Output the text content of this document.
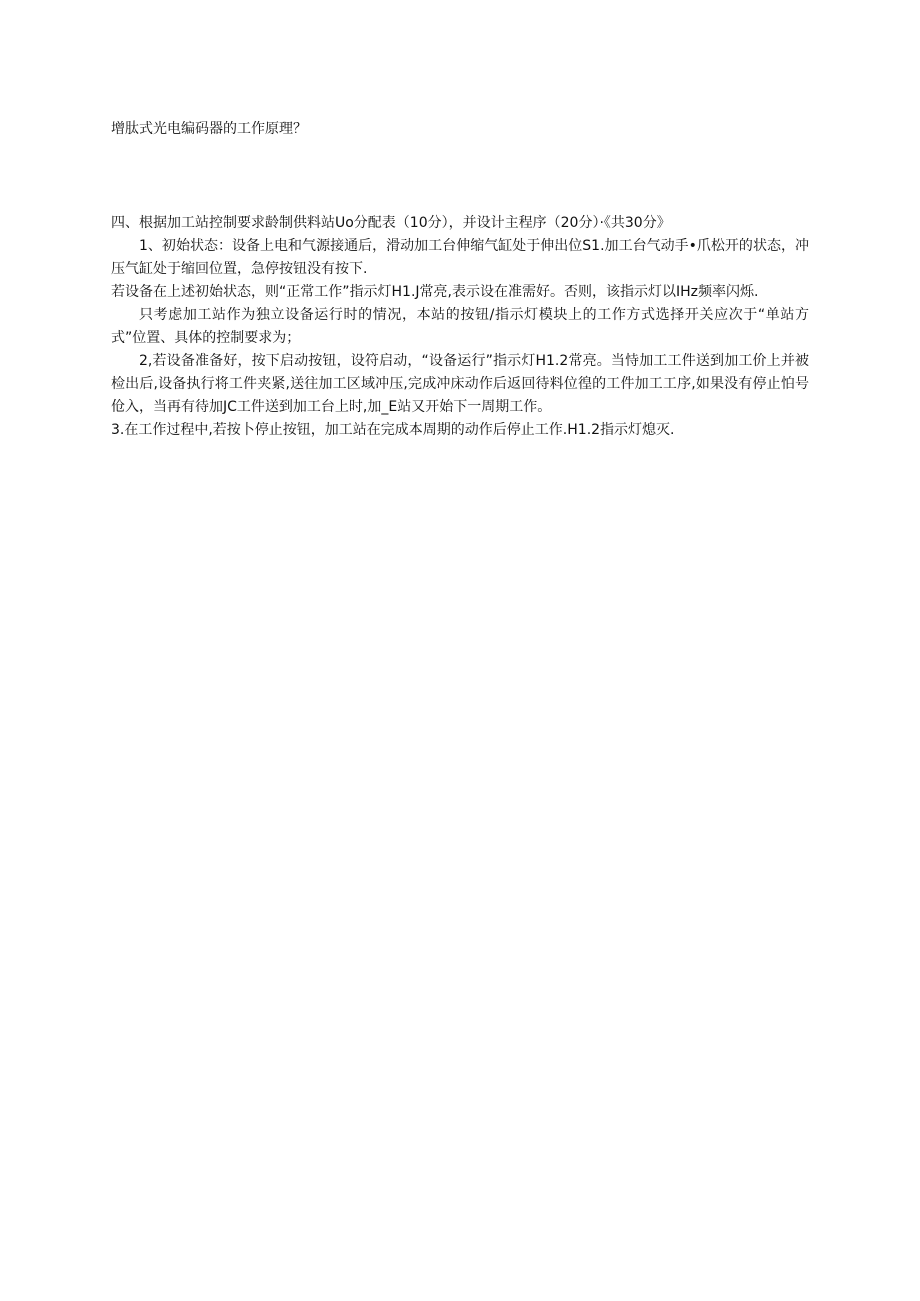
增肽式光电编码器的工作原理？

四、根据加工站控制要求龄制供料站Uo分配表（10分），并设计主程序（20分）·《共30分》

1、初始状态：设备上电和气源接通后，滑动加工台伸缩气缸处于伸出位S1.加工台气动手•爪松开的状态，冲压气缸处于缩回位置，急停按钮没有按下.

若设备在上述初始状态，则“正常工作”指示灯H1.J常亮,表示设在准需好。否则，该指示灯以IHz频率闪烁.

只考虑加工站作为独立设备运行时的情况，本站的按钮/指示灯模块上的工作方式选择开关应次于“单站方式”位置、具体的控制要求为；

2,若设备准备好，按下启动按钮，设符启动，“设备运行”指示灯H1.2常亮。当恃加工工件送到加工价上并被检出后,设备执行将工件夹紧,送往加工区域冲压,完成冲床动作后返回待料位徨的工件加工工序,如果没有停止怕号伧入，当再有待加JC工件送到加工台上时,加_E站又开始下一周期工作。

3.在工作过程中,若按卜停止按钮，加工站在完成本周期的动作后停止工作.H1.2指示灯熄灭.
